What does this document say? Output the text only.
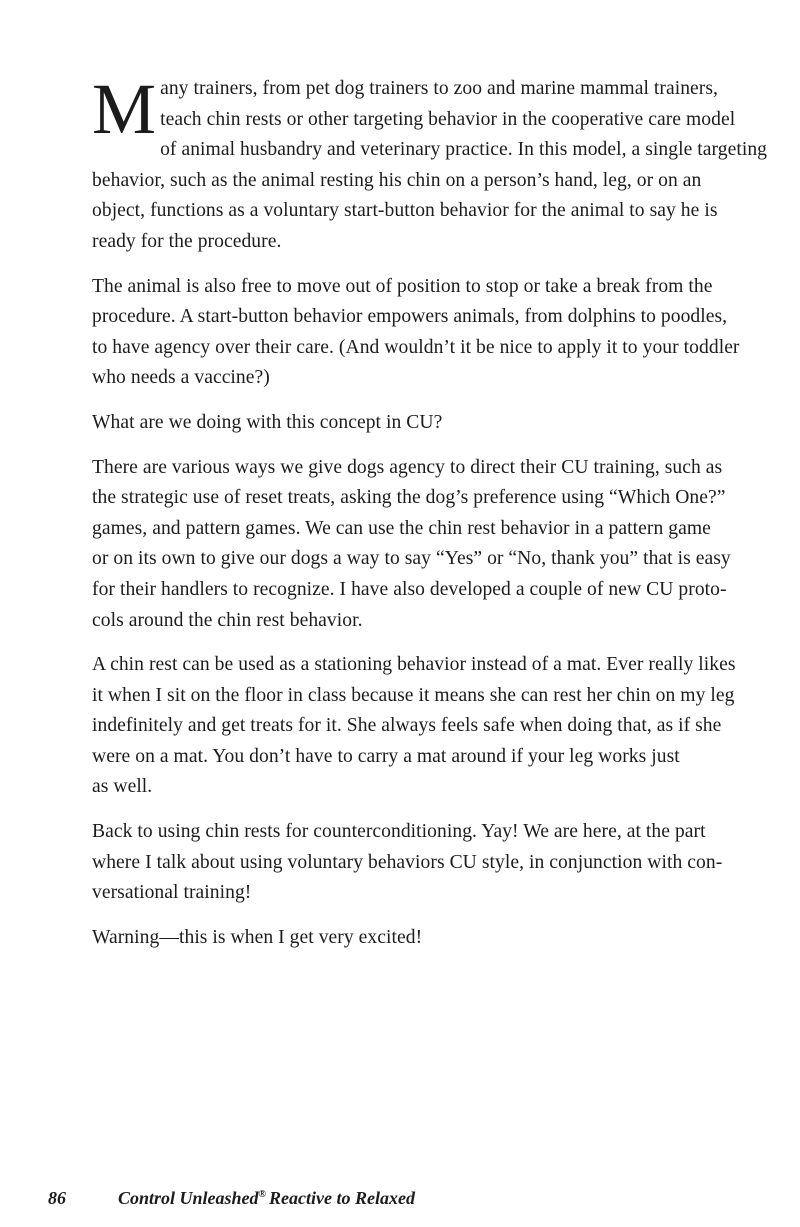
Many trainers, from pet dog trainers to zoo and marine mammal trainers,
teach chin rests or other targeting behavior in the cooperative care model
of animal husbandry and veterinary practice. In this model, a single targeting
behavior, such as the animal resting his chin on a person’s hand, leg, or on an
object, functions as a voluntary start-button behavior for the animal to say he is
ready for the procedure.

The animal is also free to move out of position to stop or take a break from the
procedure. A start-button behavior empowers animals, from dolphins to poodles,
to have agency over their care. (And wouldn’t it be nice to apply it to your toddler
who needs a vaccine?)

What are we doing with this concept in CU?

There are various ways we give dogs agency to direct their CU training, such as
the strategic use of reset treats, asking the dog’s preference using “Which One?”
games, and pattern games. We can use the chin rest behavior in a pattern game
or on its own to give our dogs a way to say “Yes” or “No, thank you” that is easy
for their handlers to recognize. I have also developed a couple of new CU proto-
cols around the chin rest behavior.

A chin rest can be used as a stationing behavior instead of a mat. Ever really likes
it when I sit on the floor in class because it means she can rest her chin on my leg
indefinitely and get treats for it. She always feels safe when doing that, as if she
were on a mat. You don’t have to carry a mat around if your leg works just
as well.

Back to using chin rests for counterconditioning. Yay! We are here, at the part
where I talk about using voluntary behaviors CU style, in conjunction with con-
versational training!

Warning—this is when I get very excited!

86	Control Unleashed® Reactive to Relaxed
